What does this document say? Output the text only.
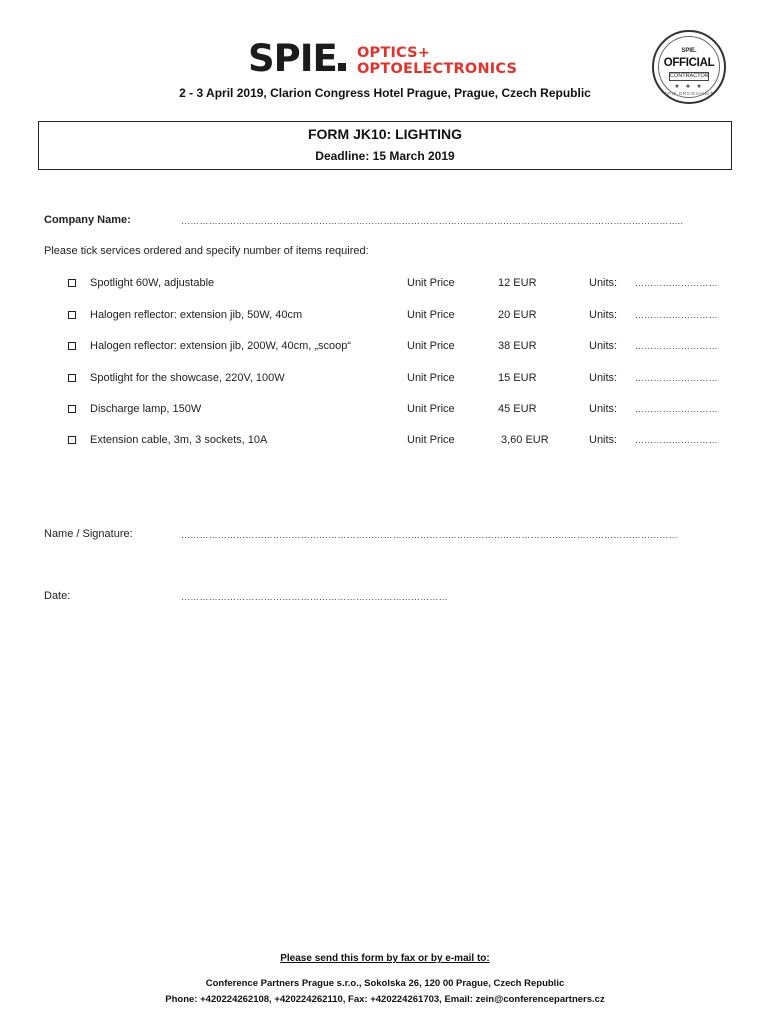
SPIE	OPTICS+
OPTOELECTRONICS
SPIE.
OFFICIAL
CONTRACTOR
★ ★ ★
SPIE.ORG/EXHIBIT
2 - 3 April 2019, Clarion Congress Hotel Prague, Prague, Czech Republic
FORM JK10: LIGHTING
Deadline: 15 March 2019
Company Name:	………………………………………………………………………………………………………………………………………………..
Please tick services ordered and specify number of items required:
Spotlight 60W, adjustable	Unit Price	12 EUR	Units: ………………………
Halogen reflector: extension jib, 50W, 40cm	Unit Price	20 EUR	Units: ………………………
Halogen reflector: extension jib, 200W, 40cm, „scoop“	Unit Price	38 EUR	Units: ………………………
Spotlight for the showcase, 220V, 100W	Unit Price	15 EUR	Units: ………………………
Discharge lamp, 150W	Unit Price	45 EUR	Units: ………………………
Extension cable, 3m, 3 sockets, 10A	Unit Price	3,60 EUR	Units: ………………………
Name / Signature:	………………………………………………………………………………………………………………………………………………
Date:	……………………………………………………………………………
Please send this form by fax or by e-mail to:
Conference Partners Prague s.r.o., Sokolska 26, 120 00 Prague, Czech Republic
Phone: +420224262108, +420224262110, Fax: +420224261703, Email: zein@conferencepartners.cz
